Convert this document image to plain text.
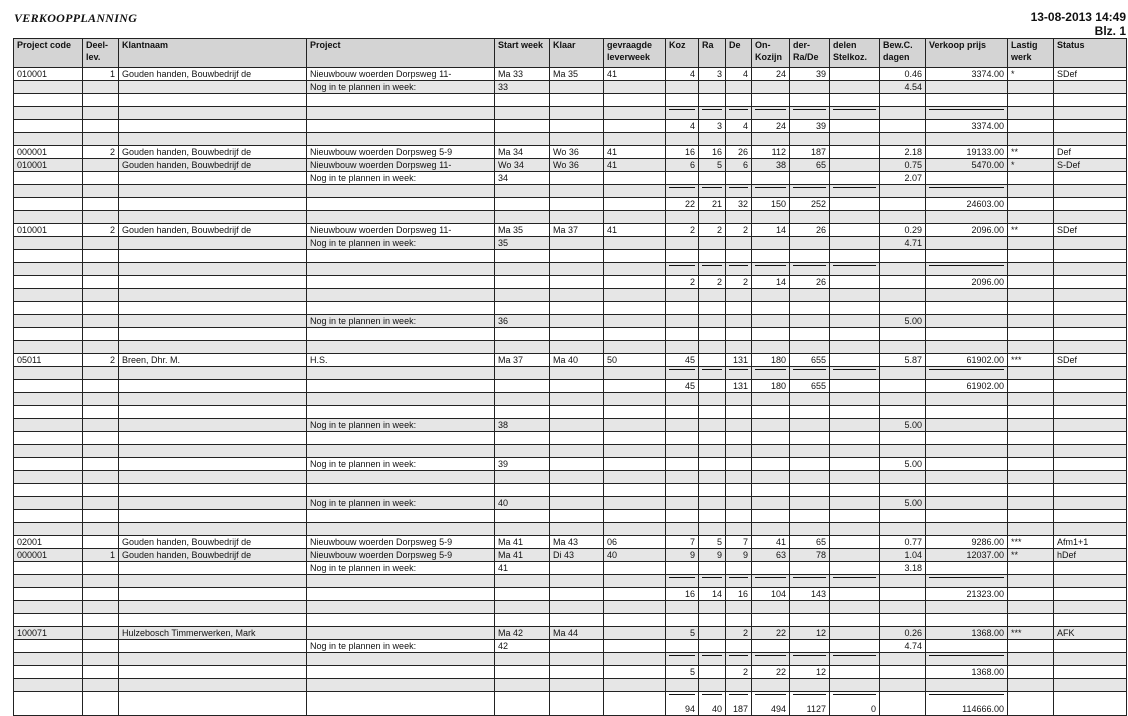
VERKOOPPLANNING	13-08-2013 14:49
Blz. 1
Project code	Deel-lev.	Klantnaam	Project	Start week	Klaar	gevraagde leverweek	Koz	Ra	De	On-Kozijn	der-Ra/De	delen Stelkoz.	Bew.C. dagen	Verkoop prijs	Lastig werk	Status
010001	1	Gouden handen, Bouwbedrijf de	Nieuwbouw woerden Dorpsweg 11-	Ma 33	Ma 35	41	4	3	4	24	39		0.46	3374.00	*	SDef
			Nog in te plannen in week:	33									4.54			

							4	3	4	24	39			3374.00		

000001	2	Gouden handen, Bouwbedrijf de	Nieuwbouw woerden Dorpsweg 5-9	Ma 34	Wo 36	41	16	16	26	112	187		2.18	19133.00	**	Def
010001		Gouden handen, Bouwbedrijf de	Nieuwbouw woerden Dorpsweg 11-	Wo 34	Wo 36	41	6	5	6	38	65		0.75	5470.00	*	S-Def
			Nog in te plannen in week:	34									2.07			

							22	21	32	150	252			24603.00		

010001	2	Gouden handen, Bouwbedrijf de	Nieuwbouw woerden Dorpsweg 11-	Ma 35	Ma 37	41	2	2	2	14	26		0.29	2096.00	**	SDef
			Nog in te plannen in week:	35									4.71			

							2	2	2	14	26			2096.00		

			Nog in te plannen in week:	36									5.00			

05011	2	Breen, Dhr. M.	H.S.	Ma 37	Ma 40	50	45		131	180	655		5.87	61902.00	***	SDef

							45		131	180	655			61902.00		

			Nog in te plannen in week:	38									5.00			

			Nog in te plannen in week:	39									5.00			

			Nog in te plannen in week:	40									5.00			

02001		Gouden handen, Bouwbedrijf de	Nieuwbouw woerden Dorpsweg 5-9	Ma 41	Ma 43	06	7	5	7	41	65		0.77	9286.00	***	Afm1+1
000001	1	Gouden handen, Bouwbedrijf de	Nieuwbouw woerden Dorpsweg 5-9	Ma 41	Di 43	40	9	9	9	63	78		1.04	12037.00	**	hDef
			Nog in te plannen in week:	41									3.18			

							16	14	16	104	143			21323.00		

100071		Hulzebosch Timmerwerken, Mark		Ma 42	Ma 44		5		2	22	12		0.26	1368.00	***	AFK
			Nog in te plannen in week:	42									4.74			

							5		2	22	12			1368.00		

							94	40	187	494	1127	0		114666.00		
